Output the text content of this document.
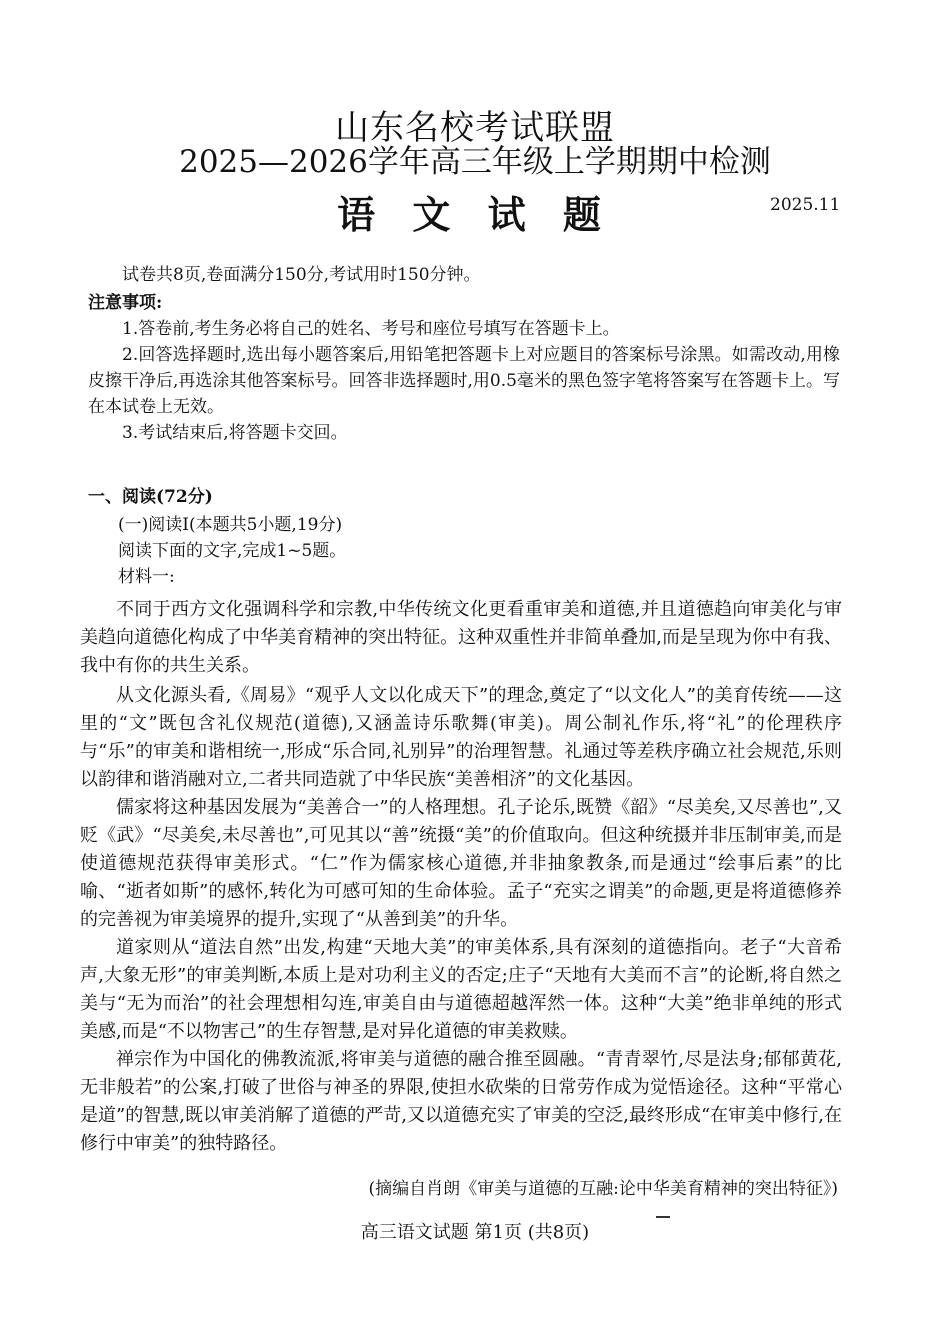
山东名校考试联盟
2025—2026学年高三年级上学期期中检测
语 文 试 题	2025.11
试卷共8页,卷面满分150分,考试用时150分钟。
注意事项:
1.答卷前,考生务必将自己的姓名、考号和座位号填写在答题卡上。
2.回答选择题时,选出每小题答案后,用铅笔把答题卡上对应题目的答案标号涂黑。如需改动,用橡皮擦干净后,再选涂其他答案标号。回答非选择题时,用0.5毫米的黑色签字笔将答案写在答题卡上。写在本试卷上无效。
3.考试结束后,将答题卡交回。
一、阅读(72分)
(一)阅读Ⅰ(本题共5小题,19分)
阅读下面的文字,完成1~5题。
材料一:
不同于西方文化强调科学和宗教,中华传统文化更看重审美和道德,并且道德趋向审美化与审美趋向道德化构成了中华美育精神的突出特征。这种双重性并非简单叠加,而是呈现为你中有我、我中有你的共生关系。
从文化源头看,《周易》“观乎人文以化成天下”的理念,奠定了“以文化人”的美育传统——这里的“文”既包含礼仪规范(道德),又涵盖诗乐歌舞(审美)。周公制礼作乐,将“礼”的伦理秩序与“乐”的审美和谐相统一,形成“乐合同,礼别异”的治理智慧。礼通过等差秩序确立社会规范,乐则以韵律和谐消融对立,二者共同造就了中华民族“美善相济”的文化基因。
儒家将这种基因发展为“美善合一”的人格理想。孔子论乐,既赞《韶》“尽美矣,又尽善也”,又贬《武》“尽美矣,未尽善也”,可见其以“善”统摄“美”的价值取向。但这种统摄并非压制审美,而是使道德规范获得审美形式。“仁”作为儒家核心道德,并非抽象教条,而是通过“绘事后素”的比喻、“逝者如斯”的感怀,转化为可感可知的生命体验。孟子“充实之谓美”的命题,更是将道德修养的完善视为审美境界的提升,实现了“从善到美”的升华。
道家则从“道法自然”出发,构建“天地大美”的审美体系,具有深刻的道德指向。老子“大音希声,大象无形”的审美判断,本质上是对功利主义的否定;庄子“天地有大美而不言”的论断,将自然之美与“无为而治”的社会理想相勾连,审美自由与道德超越浑然一体。这种“大美”绝非单纯的形式美感,而是“不以物害己”的生存智慧,是对异化道德的审美救赎。
禅宗作为中国化的佛教流派,将审美与道德的融合推至圆融。“青青翠竹,尽是法身;郁郁黄花,无非般若”的公案,打破了世俗与神圣的界限,使担水砍柴的日常劳作成为觉悟途径。这种“平常心是道”的智慧,既以审美消解了道德的严苛,又以道德充实了审美的空泛,最终形成“在审美中修行,在修行中审美”的独特路径。
(摘编自肖朗《审美与道德的互融:论中华美育精神的突出特征》)
高三语文试题 第1页 (共8页)
